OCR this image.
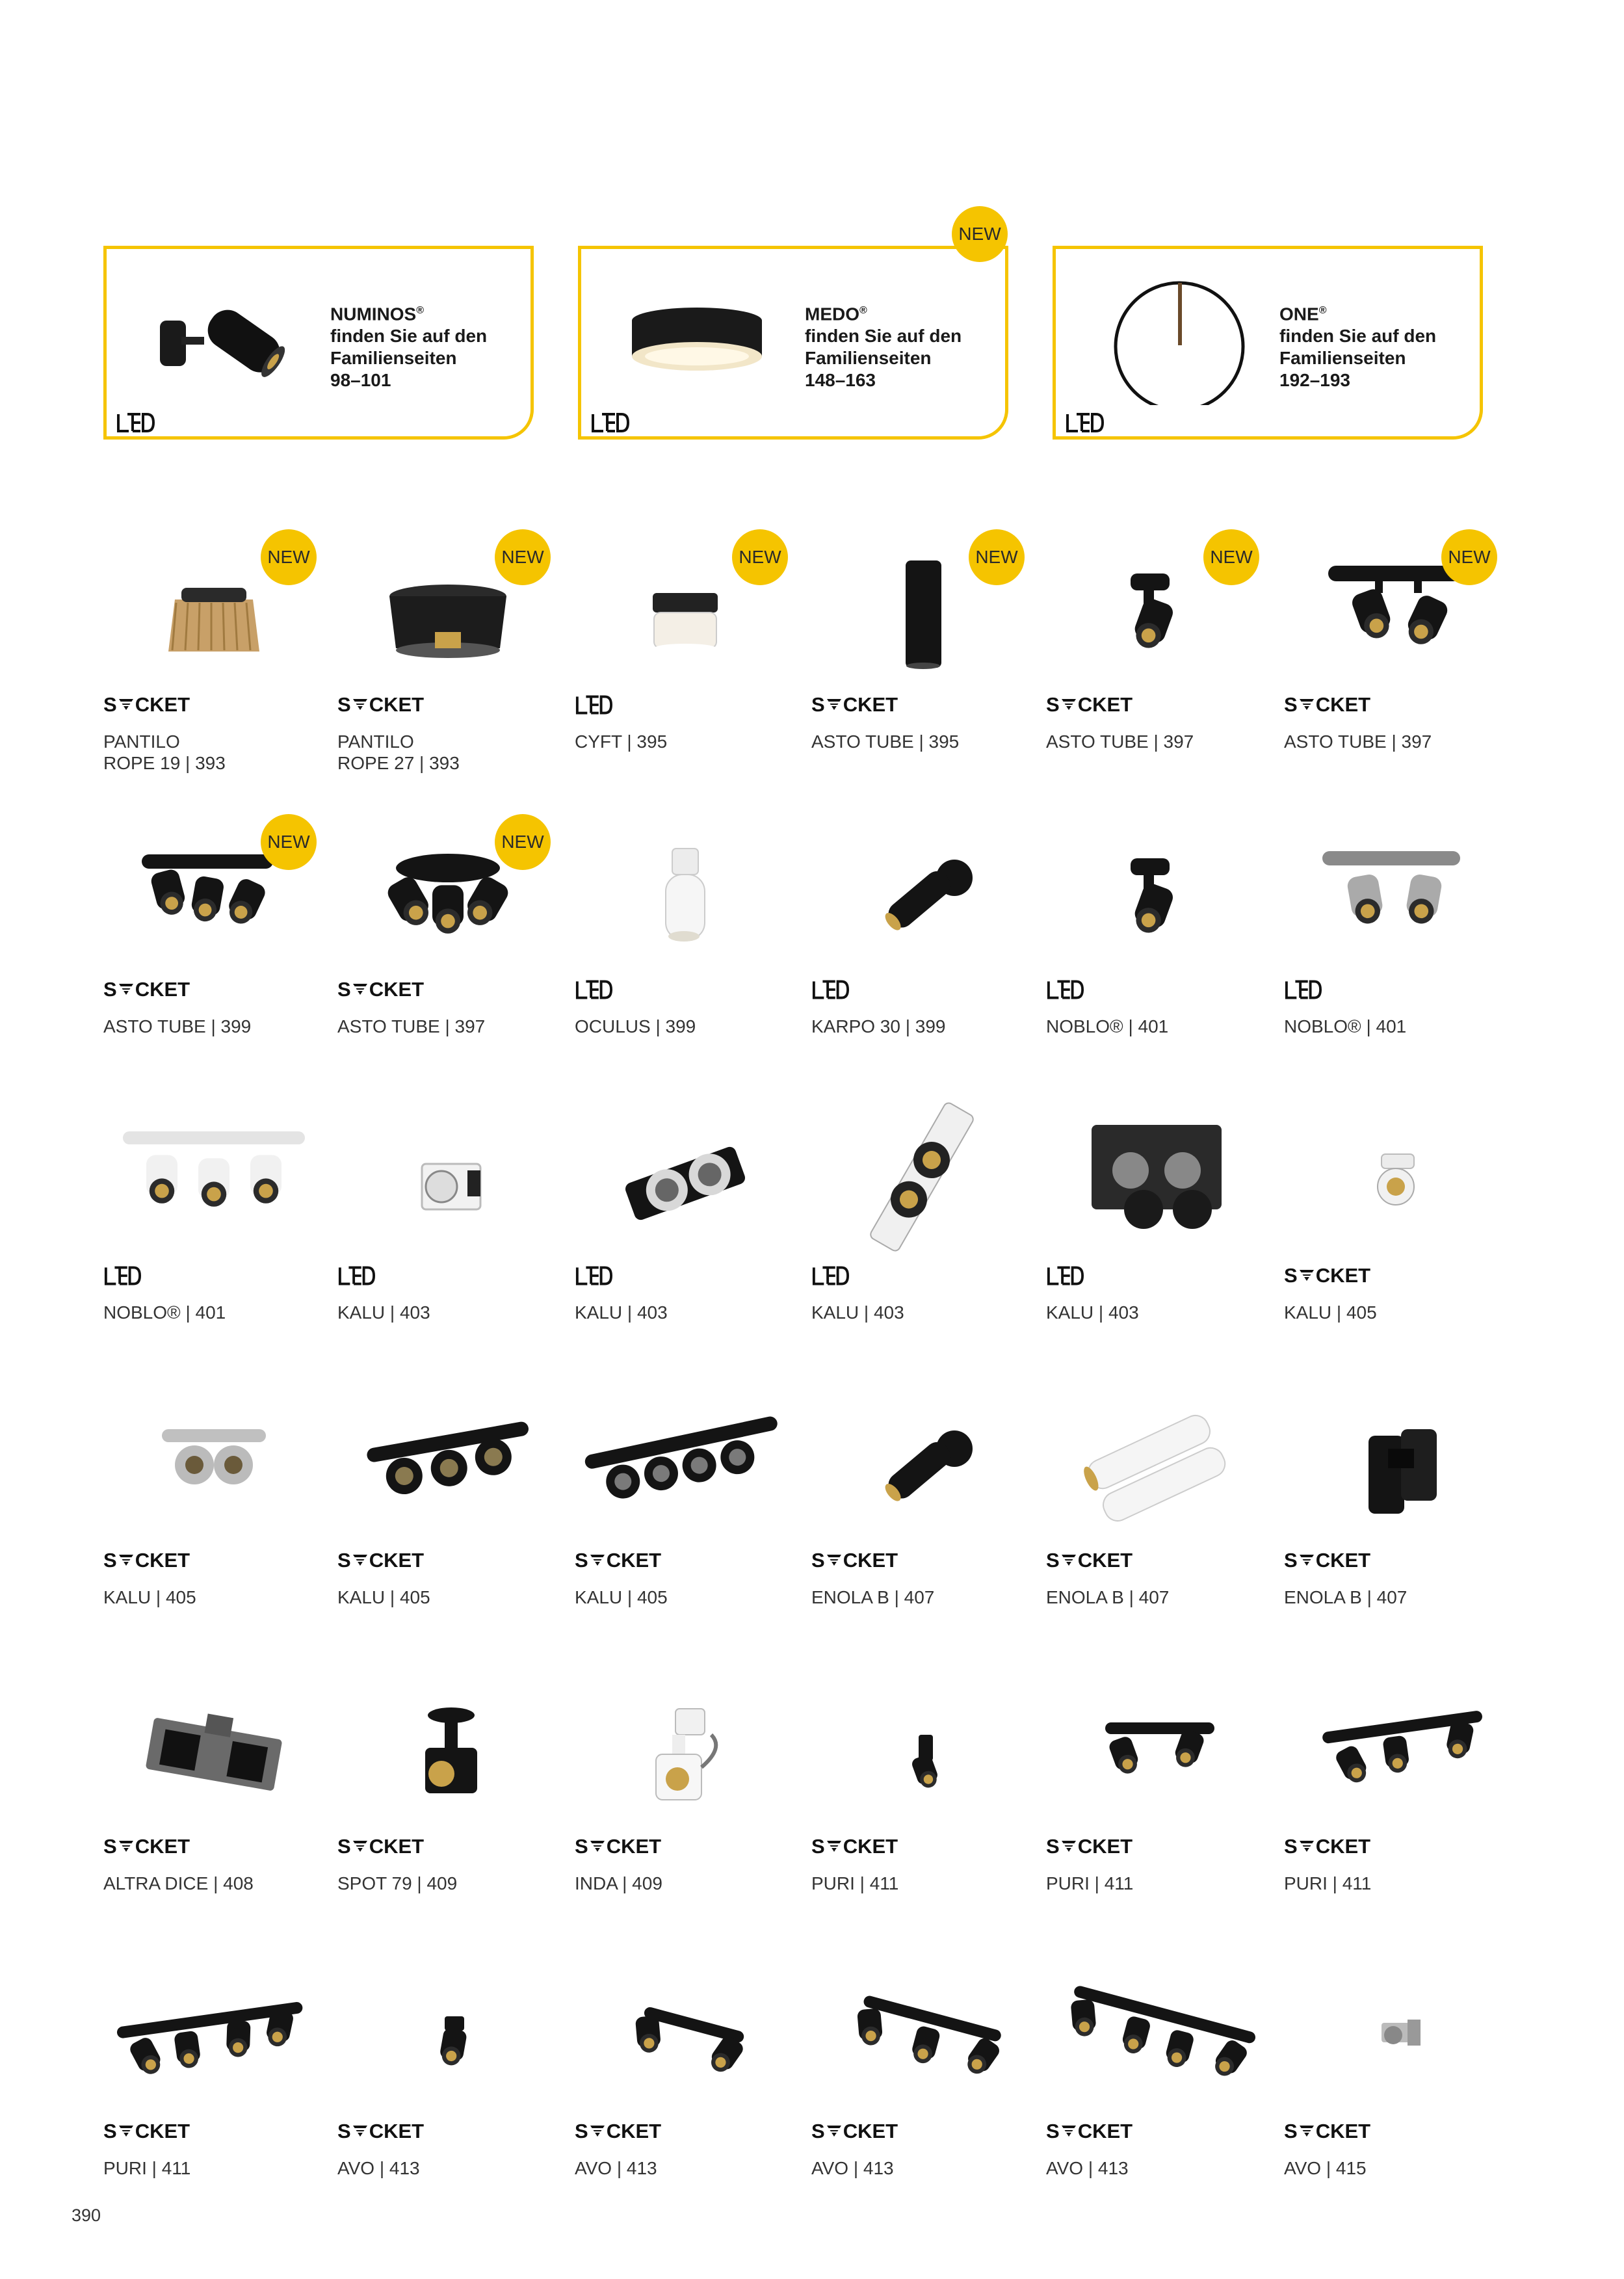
NUMINOS®
finden Sie auf den
Familienseiten
98–101
MEDO®
finden Sie auf den
Familienseiten
148–163
NEW
ONE®
finden Sie auf den
Familienseiten
192–193
NEW
S CKET
PANTILO
ROPE 19 | 393
NEW
S CKET
PANTILO
ROPE 27 | 393
NEW
CYFT | 395
NEW
S CKET
ASTO TUBE | 395
NEW
S CKET
ASTO TUBE | 397
NEW
S CKET
ASTO TUBE | 397
NEW
S CKET
ASTO TUBE | 399
NEW
S CKET
ASTO TUBE | 397	OCULUS | 399	KARPO 30 | 399	NOBLO® | 401	NOBLO® | 401
NOBLO® | 401	KALU | 403	KALU | 403	KALU | 403	KALU | 403
S CKET
KALU | 405
S CKET
KALU | 405
S CKET
KALU | 405
S CKET
KALU | 405
S CKET
ENOLA B | 407
S CKET
ENOLA B | 407
S CKET
ENOLA B | 407
S CKET
ALTRA DICE | 408
S CKET
SPOT 79 | 409
S CKET
INDA | 409
S CKET
PURI | 411
S CKET
PURI | 411
S CKET
PURI | 411
S CKET
PURI | 411
S CKET
AVO | 413
S CKET
AVO | 413
S CKET
AVO | 413
S CKET
AVO | 413
S CKET
AVO | 415
390
